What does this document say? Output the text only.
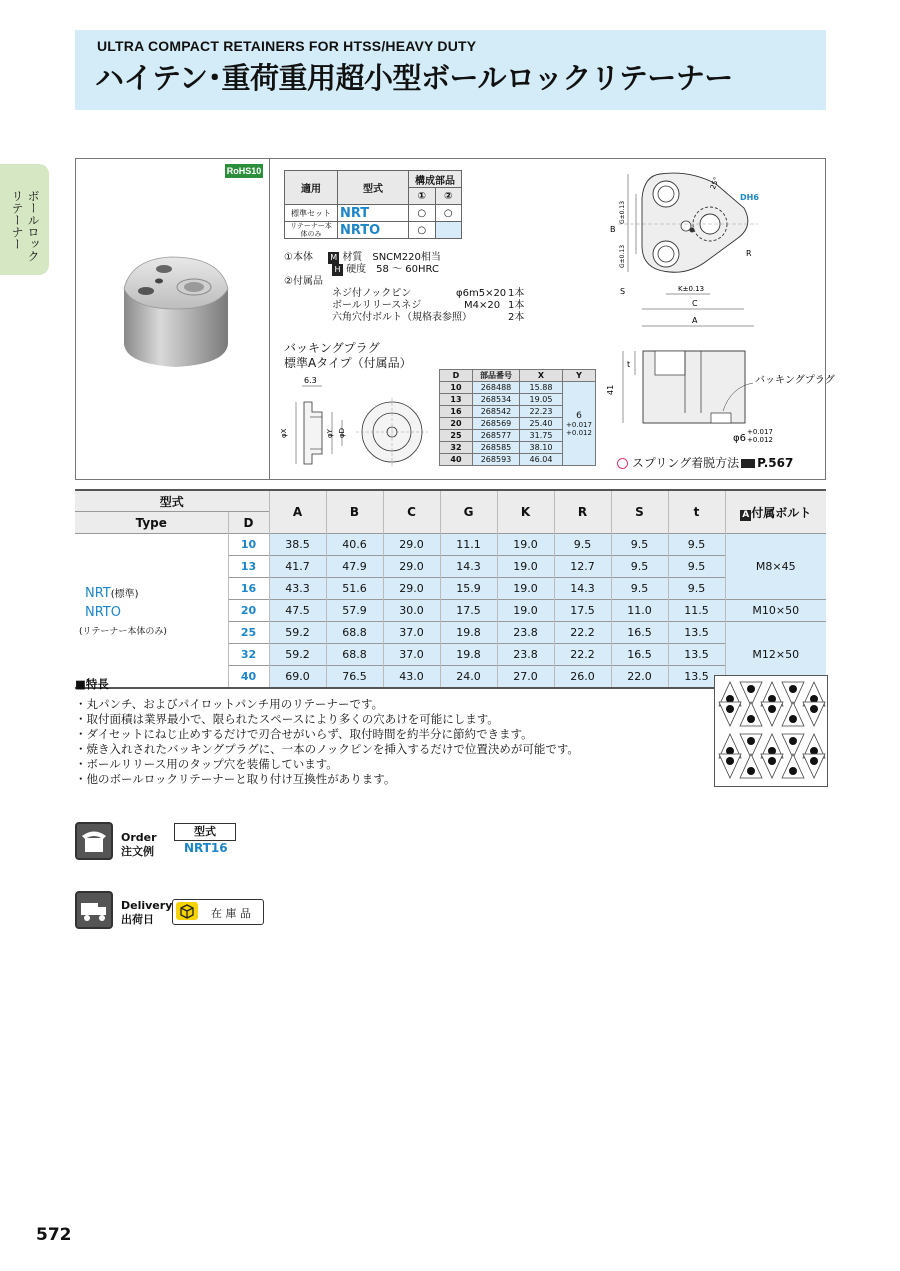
ULTRA COMPACT RETAINERS FOR HTSS/HEAVY DUTY
ハイテン･重荷重用超小型ボールロックリテーナー
ボールロック
リテーナー
RoHS10
適用	型式	構成部品	
		①	②
標準セット	NRT	○	○
リテーナー本体のみ	NRTO	○	
①本体 M 材質　SNCM220相当
H 硬度　58 ～ 60HRC
②付属品
ネジ付ノックピン	φ6m5×20 1本
ボールリリースネジ	M4×20 1本
六角穴付ボルト（規格表参照）	2本
バッキングプラグ
標準Aタイプ（付属品）
6.3
φX	φY φD
D	部品番号	X	Y
10	268488	15.88	6+0.017
+0.012
13	268534	19.05	
16	268542	22.23	
20	268569	25.40	
25	268577	31.75	
32	268585	38.10	
40	268593	46.04	
B
G±0.13
G±0.13
25°
DH6
R
S	K±0.13
C
A
41
t
バッキングプラグ
φ6
+0.017
+0.012
スプリング着脱方法 P.567
型式		A	B	C	G	K	R	S	t	A 付属ボルト
Type	D									

NRT(標準)
NRTO
(リテーナー本体のみ)	10	38.5	40.6	29.0	11.1	19.0	9.5	9.5	9.5	M8×45
	13	41.7	47.9	29.0	14.3	19.0	12.7	9.5	9.5	
	16	43.3	51.6	29.0	15.9	19.0	14.3	9.5	9.5	
	20	47.5	57.9	30.0	17.5	19.0	17.5	11.0	11.5	M10×50
	25	59.2	68.8	37.0	19.8	23.8	22.2	16.5	13.5	M12×50
	32	59.2	68.8	37.0	19.8	23.8	22.2	16.5	13.5	
	40	69.0	76.5	43.0	24.0	27.0	26.0	22.0	13.5	
■特長
・丸パンチ、およびパイロットパンチ用のリテーナーです。
・取付面積は業界最小で、限られたスペースにより多くの穴あけを可能にします。
・ダイセットにねじ止めするだけで刃合せがいらず、取付時間を約半分に節約できます。
・焼き入れされたバッキングプラグに、一本のノックピンを挿入するだけで位置決めが可能です。
・ボールリリース用のタップ穴を装備しています。
・他のボールロックリテーナーと取り付け互換性があります。
Order
注文例
型式
NRT16
Delivery
出荷日	在 庫 品
572
